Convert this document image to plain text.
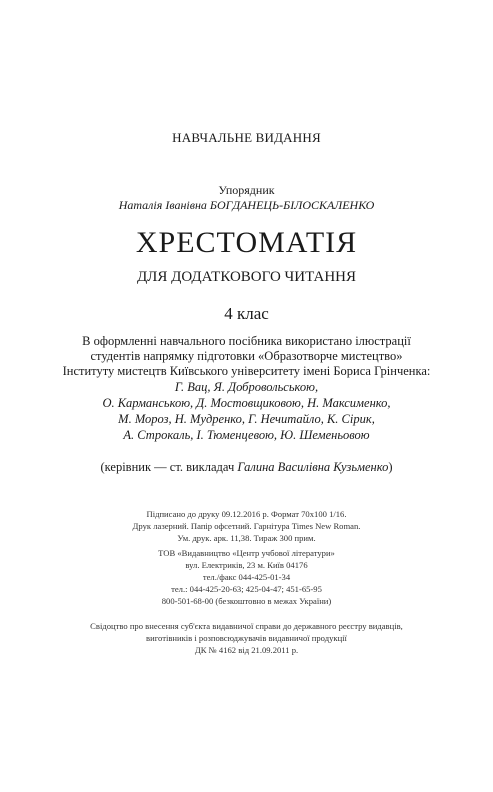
НАВЧАЛЬНЕ ВИДАННЯ
Упорядник
Наталія Іванівна БОГДАНЕЦЬ-БІЛОСКАЛЕНКО
ХРЕСТОМАТІЯ
ДЛЯ ДОДАТКОВОГО ЧИТАННЯ
4 клас
В оформленні навчального посібника використано ілюстрації
студентів напрямку підготовки «Образотворче мистецтво»
Інституту мистецтв Київського університету імені Бориса Грінченка:
Г. Вац, Я. Добровольською,
О. Карманською, Д. Мостовщиковою, Н. Максименко,
М. Мороз, Н. Мудренко, Г. Нечитайло, К. Сірик,
А. Строкаль, І. Тюменцевою, Ю. Шеменьовою
(керівник — ст. викладач Галина Василівна Кузьменко)
Підписано до друку 09.12.2016 р. Формат 70х100 1/16.
Друк лазерний. Папір офсетний. Гарнітура Times New Roman.
Ум. друк. арк. 11,38. Тираж 300 прим.
ТОВ «Видавництво «Центр учбової літератури»
вул. Електриків, 23 м. Київ 04176
тел./факс 044-425-01-34
тел.: 044-425-20-63; 425-04-47; 451-65-95
800-501-68-00 (безкоштовно в межах України)
Свідоцтво про внесення суб'єкта видавничої справи до державного реєстру видавців,
виготівників і розповсюджувачів видавничої продукції
ДК № 4162 від 21.09.2011 р.
